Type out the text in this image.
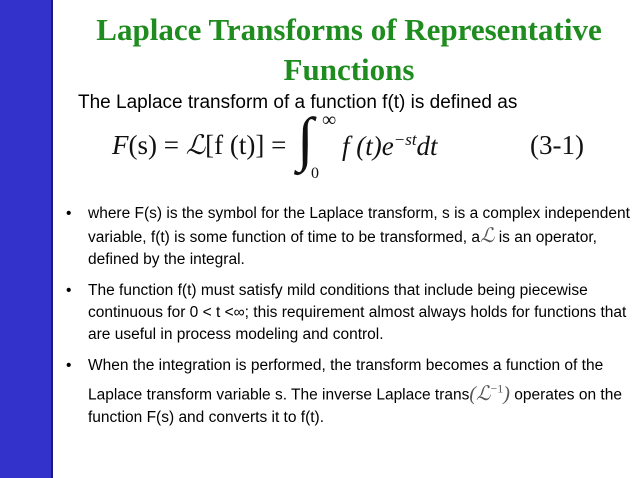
Laplace Transforms of Representative Functions
The Laplace transform of a function f(t) is defined as
F(s) = ℒ[f (t)] = ∫ ∞
0
f $(t)e^{-st}dt$	(3-1)
• where F(s) is the symbol for the Laplace transform, s is a complex independent variable, f(t) is some function of time to be transformed, aℒ is an operator, defined by the integral.
• The function f(t) must satisfy mild conditions that include being piecewise continuous for 0 < t <∞; this requirement almost always holds for functions that are useful in process modeling and control.
• When the integration is performed, the transform becomes a function of the Laplace transform variable s. The inverse Laplace trans(ℒ$^{-1}$) operates on the function F(s) and converts it to f(t).
